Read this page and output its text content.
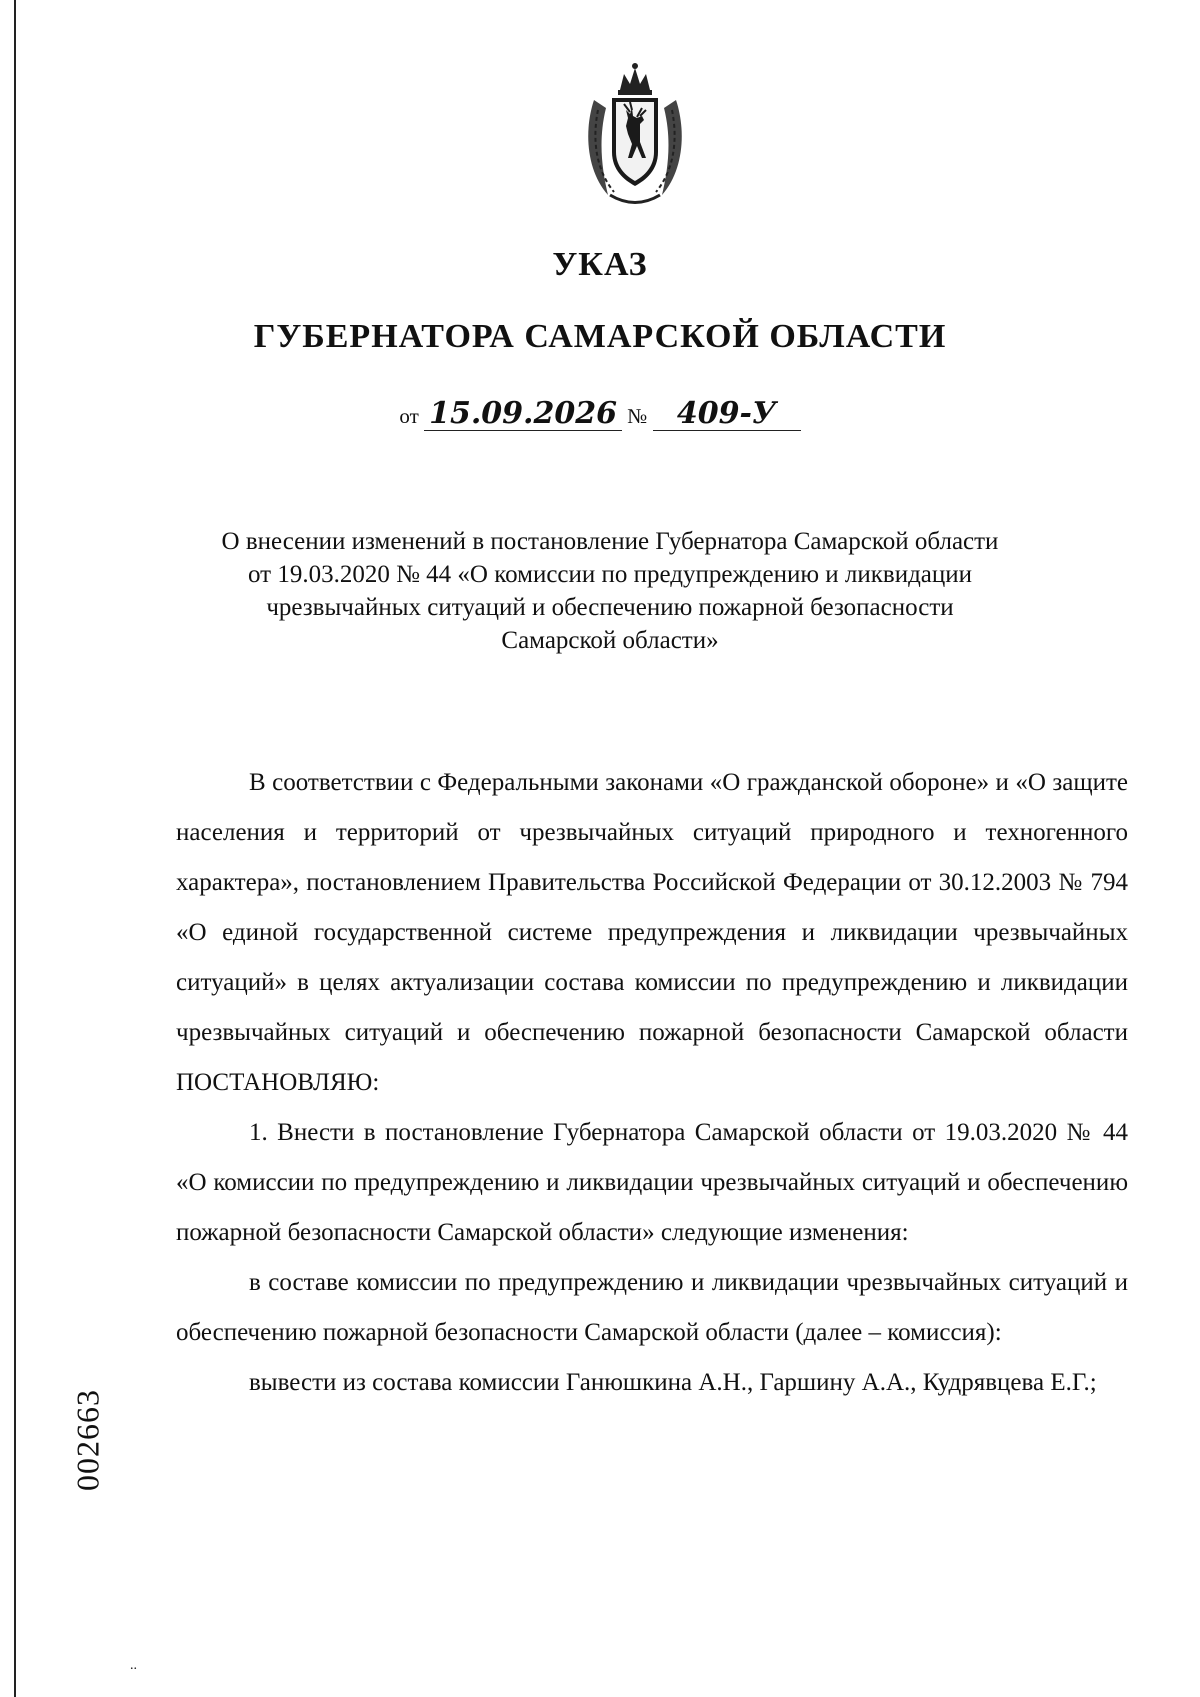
УКАЗ
ГУБЕРНАТОРА САМАРСКОЙ ОБЛАСТИ
от 15.09.2026 № 409-У
О внесении изменений в постановление Губернатора Самарской области
от 19.03.2020 № 44 «О комиссии по предупреждению и ликвидации
чрезвычайных ситуаций и обеспечению пожарной безопасности
Самарской области»

В соответствии с Федеральными законами «О гражданской обороне» и «О защите населения и территорий от чрезвычайных ситуаций природного и техногенного характера», постановлением Правительства Российской Федерации от 30.12.2003 № 794 «О единой государственной системе предупреждения и ликвидации чрезвычайных ситуаций» в целях актуализации состава комиссии по предупреждению и ликвидации чрезвычайных ситуаций и обеспечению пожарной безопасности Самарской области ПОСТАНОВЛЯЮ:

1. Внести в постановление Губернатора Самарской области от 19.03.2020 № 44 «О комиссии по предупреждению и ликвидации чрезвычайных ситуаций и обеспечению пожарной безопасности Самарской области» следующие изменения:

в составе комиссии по предупреждению и ликвидации чрезвычайных ситуаций и обеспечению пожарной безопасности Самарской области (далее – комиссия):

вывести из состава комиссии Ганюшкина А.Н., Гаршину А.А., Кудрявцева Е.Г.;

002663
..
